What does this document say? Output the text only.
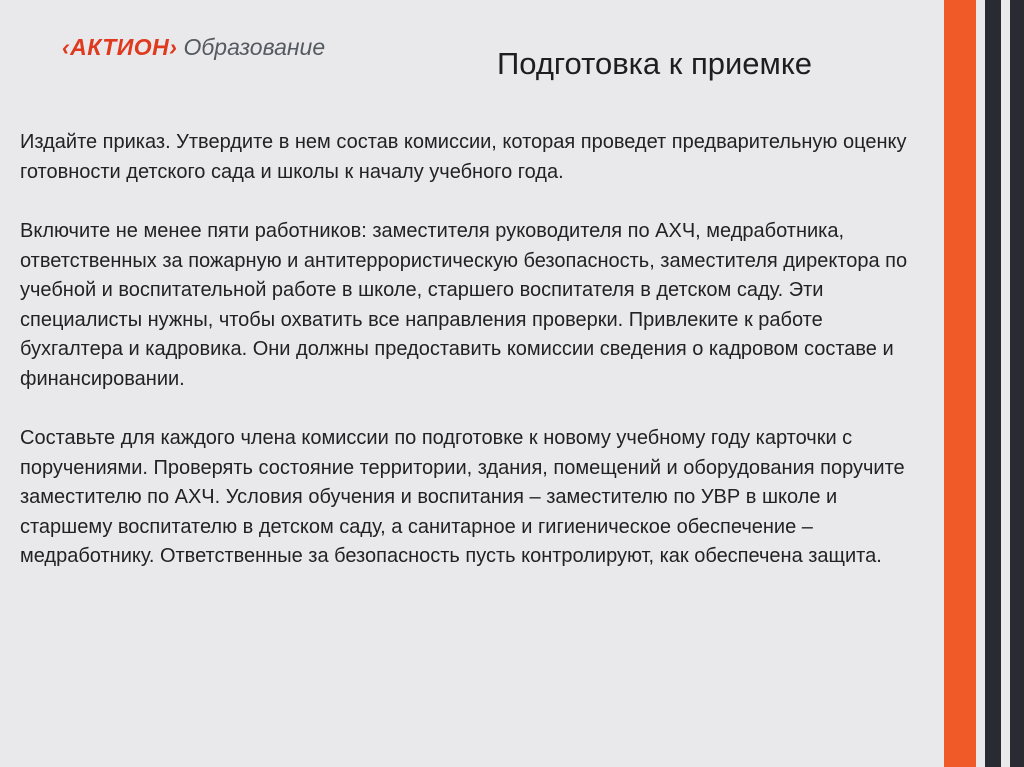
‹АКТИОН› Образование	Подготовка к приемке

Издайте приказ. Утвердите в нем состав комиссии, которая проведет предварительную оценку готовности детского сада и школы к началу учебного года.

Включите не менее пяти работников: заместителя руководителя по АХЧ, медработника, ответственных за пожарную и антитеррористическую безопасность, заместителя директора по учебной и воспитательной работе в школе, старшего воспитателя в детском саду. Эти специалисты нужны, чтобы охватить все направления проверки. Привлеките к работе бухгалтера и кадровика. Они должны предоставить комиссии сведения о кадровом составе и финансировании.

Составьте для каждого члена комиссии по подготовке к новому учебному году карточки с поручениями. Проверять состояние территории, здания, помещений и оборудования поручите заместителю по АХЧ. Условия обучения и воспитания – заместителю по УВР в школе и старшему воспитателю в детском саду, а санитарное и гигиеническое обеспечение – медработнику. Ответственные за безопасность пусть контролируют, как обеспечена защита.
